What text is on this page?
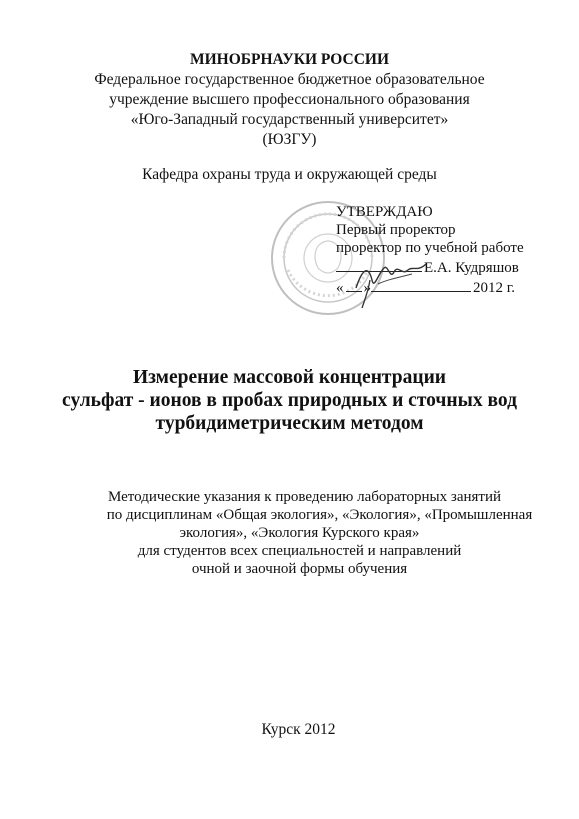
МИНОБРНАУКИ РОССИИ
Федеральное государственное бюджетное образовательное
учреждение высшего профессионального образования
«Юго-Западный государственный университет»
(ЮЗГУ)
Кафедра охраны труда и окружающей среды
УТВЕРЖДАЮ
Первый проректор
проректор по учебной работе
Е.А. Кудряшов
« »	2012 г.
Измерение массовой концентрации
сульфат - ионов в пробах природных и сточных вод
турбидиметрическим методом
Методические указания к проведению лабораторных занятий
по дисциплинам «Общая экология», «Экология», «Промышленная
экология», «Экология Курского края»
для студентов всех специальностей и направлений
очной и заочной формы обучения
Курск 2012
